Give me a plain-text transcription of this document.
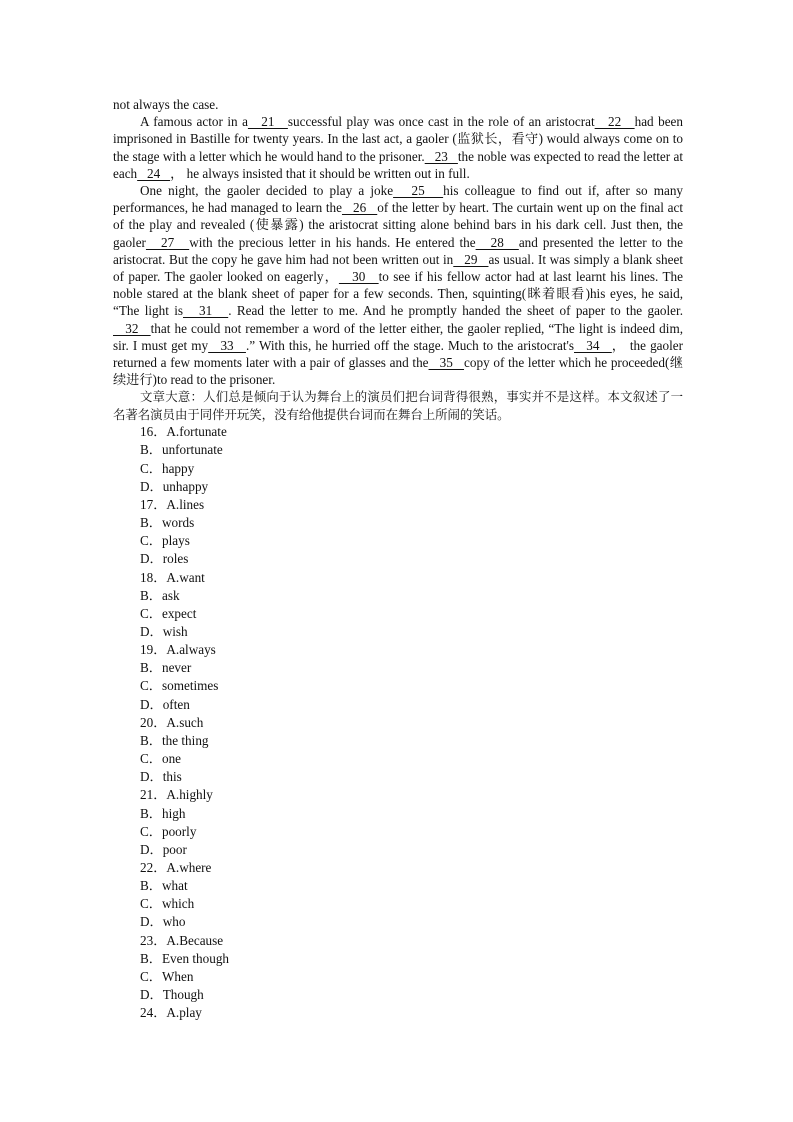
not always the case.

A famous actor in a   21   successful play was once cast in the role of an aristocrat   22   had been imprisoned in Bastille for twenty years. In the last act, a gaoler (监狱长，看守) would always come on to the stage with a letter which he would hand to the prisoner.   23   the noble was expected to read the letter at each   24   ， he always insisted that it should be written out in full.

One night, the gaoler decided to play a joke   25   his colleague to find out if, after so many performances, he had managed to learn the   26   of the letter by heart. The curtain went up on the final act of the play and revealed (使暴露) the aristocrat sitting alone behind bars in his dark cell. Just then, the gaoler   27   with the precious letter in his hands. He entered the   28   and presented the letter to the aristocrat. But the copy he gave him had not been written out in   29   as usual. It was simply a blank sheet of paper. The gaoler looked on eagerly，   30   to see if his fellow actor had at last learnt his lines. The noble stared at the blank sheet of paper for a few seconds. Then, squinting(眯着眼看)his eyes, he said, “The light is   31   . Read the letter to me. And he promptly handed the sheet of paper to the gaoler.   32   that he could not remember a word of the letter either, the gaoler replied, “The light is indeed dim, sir. I must get my   33   .” With this, he hurried off the stage. Much to the aristocrat's   34   ， the gaoler returned a few moments later with a pair of glasses and the   35   copy of the letter which he proceeded(继续进行)to read to the prisoner.

文章大意：人们总是倾向于认为舞台上的演员们把台词背得很熟，事实并不是这样。本文叙述了一名著名演员由于同伴开玩笑，没有给他提供台词而在舞台上所闹的笑话。

16．A.fortunate
B．unfortunate
C．happy
D．unhappy
17．A.lines
B．words
C．plays
D．roles
18．A.want
B．ask
C．expect
D．wish
19．A.always
B．never
C．sometimes
D．often
20．A.such
B．the thing
C．one
D．this
21．A.highly
B．high
C．poorly
D．poor
22．A.where
B．what
C．which
D．who
23．A.Because
B．Even though
C．When
D．Though
24．A.play
